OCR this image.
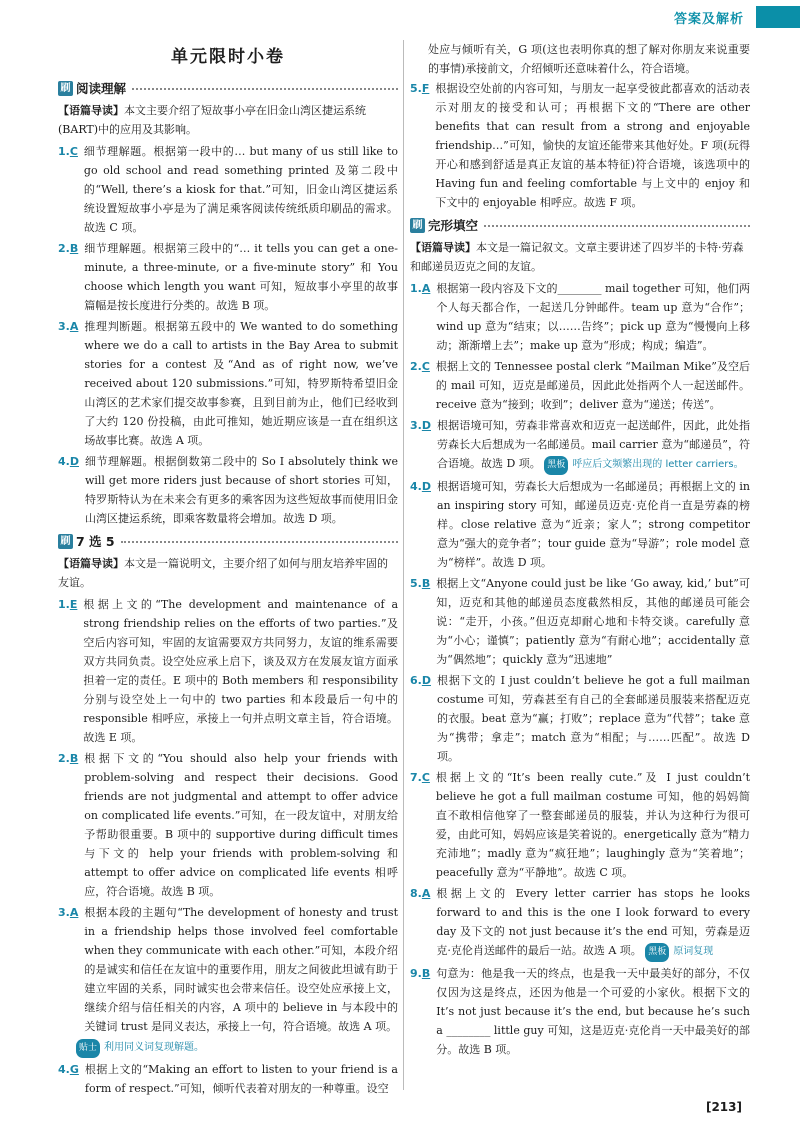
答案及解析
单元限时小卷
刷 阅读理解
【语篇导读】本文主要介绍了短故事小亭在旧金山湾区捷运系统(BART)中的应用及其影响。
1.C 细节理解题。根据第一段中的… but many of us still like to go old school and read something printed 及第二段中的“Well, there’s a kiosk for that.”可知，旧金山湾区捷运系统设置短故事小亭是为了满足乘客阅读传统纸质印刷品的需求。故选 C 项。
2.B 细节理解题。根据第三段中的“… it tells you can get a one-minute, a three-minute, or a five-minute story” 和 You choose which length you want 可知，短故事小亭里的故事篇幅是按长度进行分类的。故选 B 项。
3.A 推理判断题。根据第五段中的 We wanted to do something where we do a call to artists in the Bay Area to submit stories for a contest 及“And as of right now, we’ve received about 120 submissions.”可知，特罗斯特希望旧金山湾区的艺术家们提交故事参赛，且到目前为止，他们已经收到了大约 120 份投稿，由此可推知，她近期应该是一直在组织这场故事比赛。故选 A 项。
4.D 细节理解题。根据倒数第二段中的 So I absolutely think we will get more riders just because of short stories 可知，特罗斯特认为在未来会有更多的乘客因为这些短故事而使用旧金山湾区捷运系统，即乘客数量将会增加。故选 D 项。
刷 7 选 5
【语篇导读】本文是一篇说明文，主要介绍了如何与朋友培养牢固的友谊。
1.E 根据上文的“The development and maintenance of a strong friendship relies on the efforts of two parties.”及空后内容可知，牢固的友谊需要双方共同努力，友谊的维系需要双方共同负责。设空处应承上启下，谈及双方在发展友谊方面承担着一定的责任。E 项中的 Both members 和 responsibility 分别与设空处上一句中的 two parties 和本段最后一句中的 responsible 相呼应，承接上一句并点明文章主旨，符合语境。故选 E 项。
2.B 根据下文的“You should also help your friends with problem-solving and respect their decisions. Good friends are not judgmental and attempt to offer advice on complicated life events.”可知，在一段友谊中，对朋友给予帮助很重要。B 项中的 supportive during difficult times 与下文的 help your friends with problem-solving 和 attempt to offer advice on complicated life events 相呼应，符合语境。故选 B 项。
3.A 根据本段的主题句“The development of honesty and trust in a friendship helps those involved feel comfortable when they communicate with each other.”可知，本段介绍的是诚实和信任在友谊中的重要作用，朋友之间彼此坦诚有助于建立牢固的关系，同时诚实也会带来信任。设空处应承接上文，继续介绍与信任相关的内容，A 项中的 believe in 与本段中的关键词 trust 是同义表达，承接上一句，符合语境。故选 A 项。
贴士 利用同义词复现解题。
4.G 根据上文的“Making an effort to listen to your friend is a form of respect.”可知，倾听代表着对朋友的一种尊重。设空
处应与倾听有关，G 项(这也表明你真的想了解对你朋友来说重要的事情)承接前文，介绍倾听还意味着什么，符合语境。
5.F 根据设空处前的内容可知，与朋友一起享受彼此都喜欢的活动表示对朋友的接受和认可；再根据下文的“There are other benefits that can result from a strong and enjoyable friendship…”可知，愉快的友谊还能带来其他好处。F 项(玩得开心和感到舒适是真正友谊的基本特征)符合语境，该选项中的 Having fun and feeling comfortable 与上文中的 enjoy 和下文中的 enjoyable 相呼应。故选 F 项。
刷 完形填空
【语篇导读】本文是一篇记叙文。文章主要讲述了四岁半的卡特·劳森和邮递员迈克之间的友谊。
1.A 根据第一段内容及下文的________ mail together 可知，他们两个人每天都合作，一起送几分钟邮件。team up 意为“合作”；wind up 意为“结束；以……告终”；pick up 意为“慢慢向上移动；渐渐增上去”；make up 意为“形成；构成；编造”。
2.C 根据上文的 Tennessee postal clerk “Mailman Mike”及空后的 mail 可知，迈克是邮递员，因此此处指两个人一起送邮件。receive 意为“接到；收到”；deliver 意为“递送；传送”。
3.D 根据语境可知，劳森非常喜欢和迈克一起送邮件，因此，此处指劳森长大后想成为一名邮递员。mail carrier 意为“邮递员”，符合语境。故选 D 项。 黑板 呼应后文频繁出现的 letter carriers。
4.D 根据语境可知，劳森长大后想成为一名邮递员；再根据上文的 in an inspiring story 可知，邮递员迈克·克伦肖一直是劳森的榜样。close relative 意为“近亲；家人”；strong competitor 意为“强大的竞争者”；tour guide 意为“导游”；role model 意为“榜样”。故选 D 项。
5.B 根据上文“Anyone could just be like ‘Go away, kid,’ but”可知，迈克和其他的邮递员态度截然相反，其他的邮递员可能会说：“走开，小孩。”但迈克却耐心地和卡特交谈。carefully 意为“小心；谨慎”；patiently 意为“有耐心地”；accidentally 意为“偶然地”；quickly 意为“迅速地”
6.D 根据下文的 I just couldn’t believe he got a full mailman costume 可知，劳森甚至有自己的全套邮递员服装来搭配迈克的衣服。beat 意为“赢；打败”；replace 意为“代替”；take 意为“携带；拿走”；match 意为“相配；与……匹配”。故选 D 项。
7.C 根据上文的“It’s been really cute.”及 I just couldn’t believe he got a full mailman costume 可知，他的妈妈简直不敢相信他穿了一整套邮递员的服装，并认为这种行为很可爱，由此可知，妈妈应该是笑着说的。energetically 意为“精力充沛地”；madly 意为“疯狂地”；laughingly 意为“笑着地”；peacefully 意为“平静地”。故选 C 项。
8.A 根据上文的 Every letter carrier has stops he looks forward to and this is the one I look forward to every day 及下文的 not just because it’s the end 可知，劳森是迈克·克伦肖送邮件的最后一站。故选 A 项。 黑板 原词复现
9.B 句意为：他是我一天的终点，也是我一天中最美好的部分，不仅仅因为这是终点，还因为他是一个可爱的小家伙。根据下文的 It’s not just because it’s the end, but because he’s such a ________ little guy 可知，这是迈克·克伦肖一天中最美好的部分。故选 B 项。
[213]
